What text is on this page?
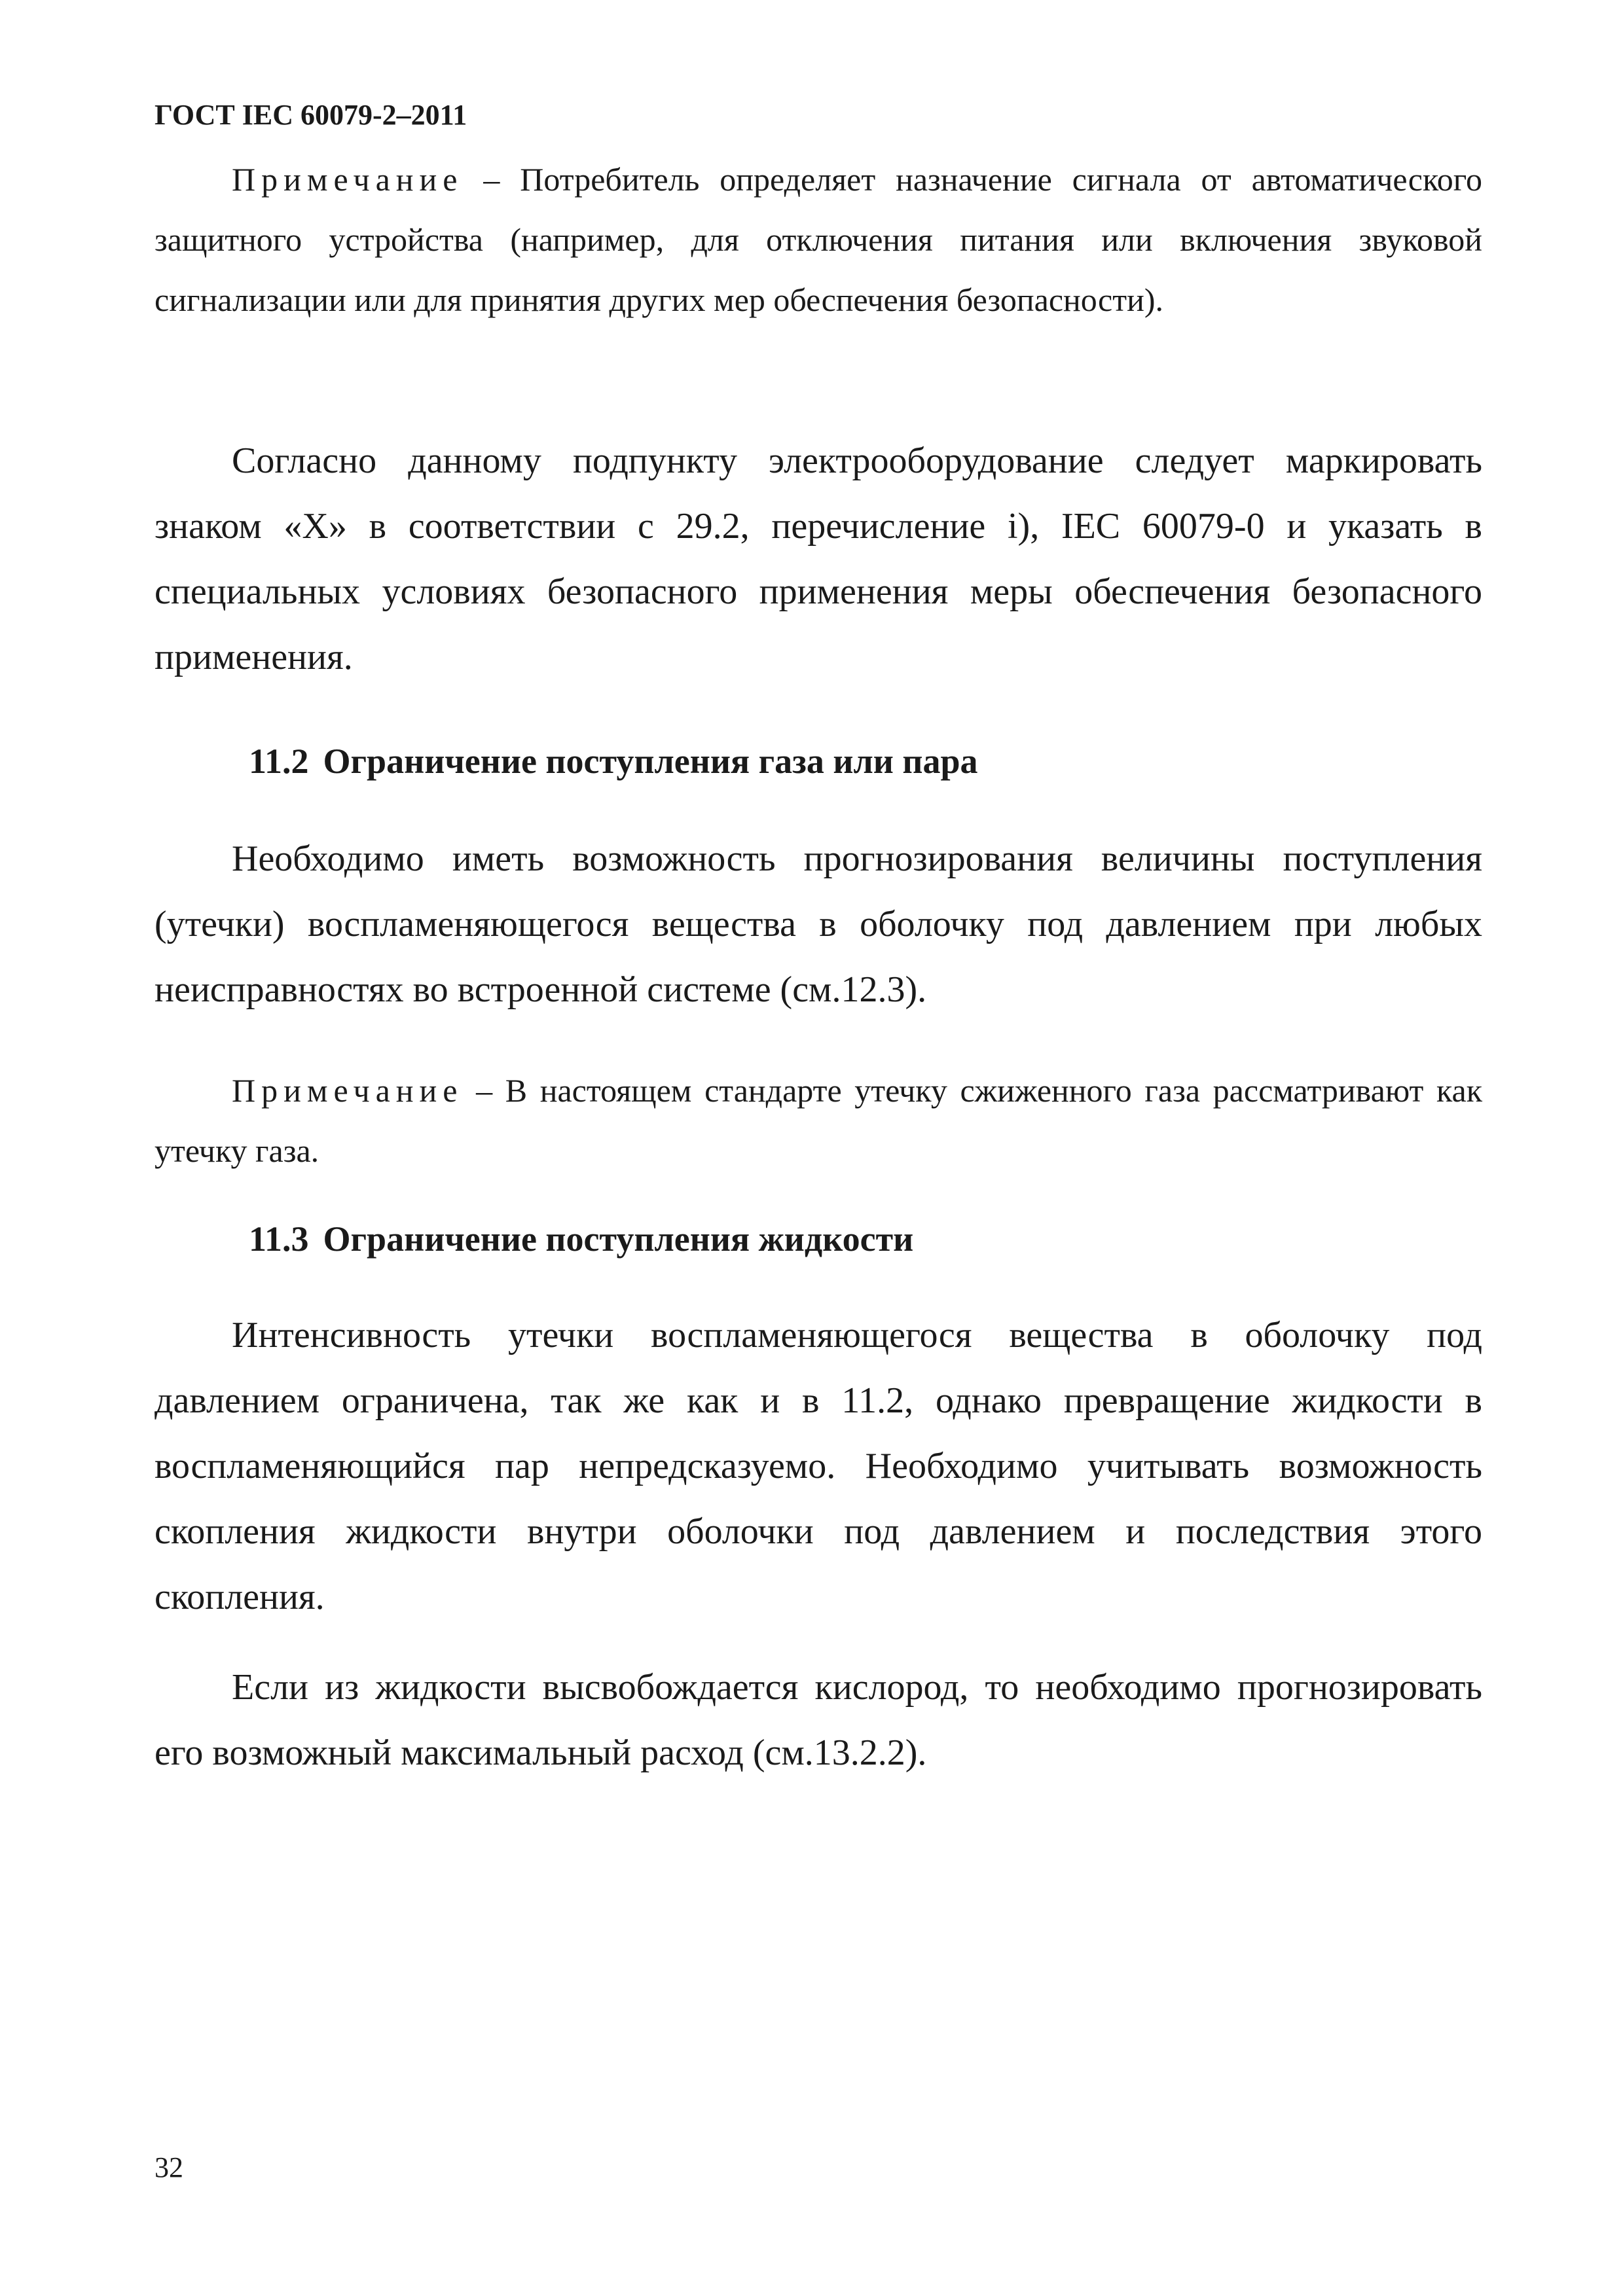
ГОСТ IEC 60079-2–2011

Примечание – Потребитель определяет назначение сигнала от автоматического защитного устройства (например, для отключения питания или включения звуковой сигнализации или для принятия других мер обеспечения безопасности).

Согласно данному подпункту электрооборудование следует маркировать знаком «X» в соответствии с 29.2, перечисление i), IEC 60079-0 и указать в специальных условиях безопасного применения меры обеспечения безопасного применения.

11.2 Ограничение поступления газа или пара

Необходимо иметь возможность прогнозирования величины поступления (утечки) воспламеняющегося вещества в оболочку под давлением при любых неисправностях во встроенной системе (см.12.3).

Примечание – В настоящем стандарте утечку сжиженного газа рассматривают как утечку газа.

11.3 Ограничение поступления жидкости

Интенсивность утечки воспламеняющегося вещества в оболочку под давлением ограничена, так же как и в 11.2, однако превращение жидкости в воспламеняющийся пар непредсказуемо. Необходимо учитывать возможность скопления жидкости внутри оболочки под давлением и последствия этого скопления.

Если из жидкости высвобождается кислород, то необходимо прогнозировать его возможный максимальный расход (см.13.2.2).

32
